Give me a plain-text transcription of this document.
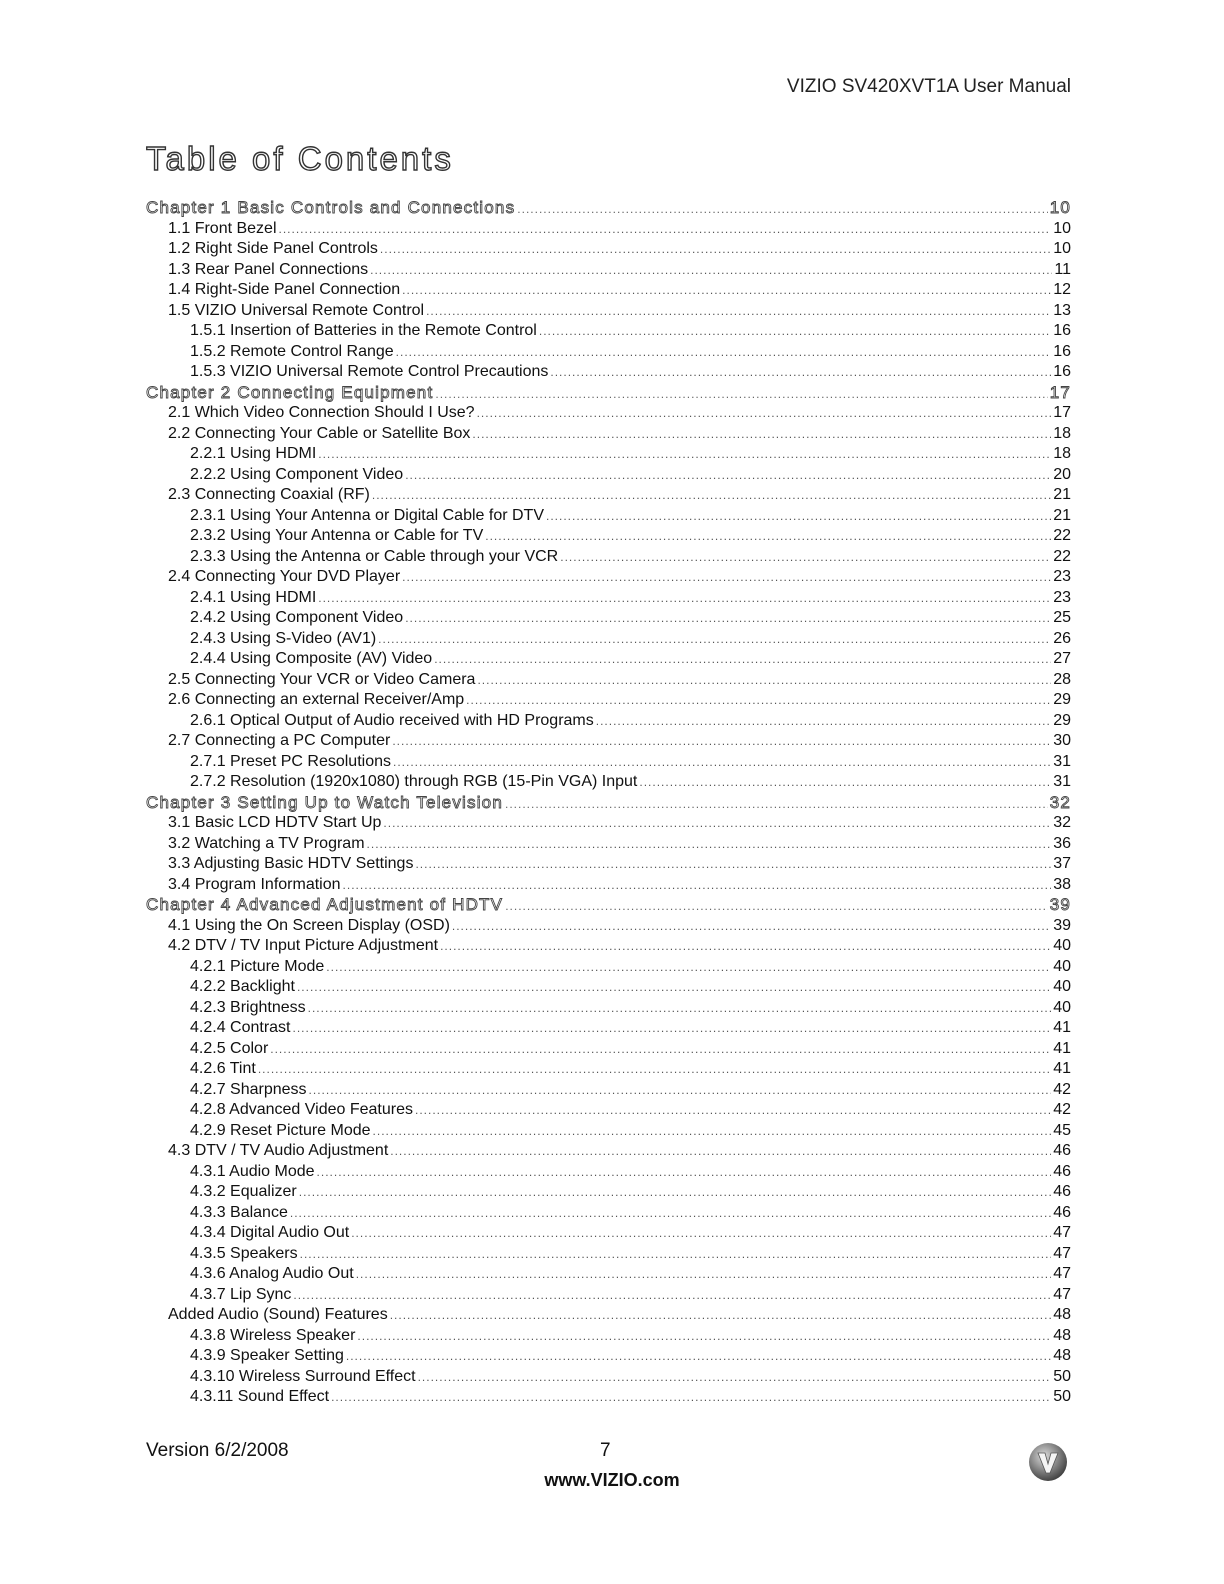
VIZIO SV420XVT1A User Manual
Table of Contents
Chapter 1 Basic Controls and Connections .....	10
1.1 Front Bezel .....	10
1.2 Right Side Panel Controls .....	10
1.3 Rear Panel Connections .....	11
1.4 Right-Side Panel Connection .....	12
1.5 VIZIO Universal Remote Control .....	13
1.5.1 Insertion of Batteries in the Remote Control .....	16
1.5.2 Remote Control Range .....	16
1.5.3 VIZIO Universal Remote Control Precautions .....	16
Chapter 2 Connecting Equipment .....	17
2.1 Which Video Connection Should I Use? .....	17
2.2 Connecting Your Cable or Satellite Box .....	18
2.2.1 Using HDMI .....	18
2.2.2 Using Component Video .....	20
2.3 Connecting Coaxial (RF) .....	21
2.3.1 Using Your Antenna or Digital Cable for DTV .....	21
2.3.2 Using Your Antenna or Cable for TV .....	22
2.3.3 Using the Antenna or Cable through your VCR .....	22
2.4 Connecting Your DVD Player .....	23
2.4.1 Using HDMI .....	23
2.4.2 Using Component Video .....	25
2.4.3 Using S-Video (AV1) .....	26
2.4.4 Using Composite (AV) Video .....	27
2.5 Connecting Your VCR or Video Camera .....	28
2.6 Connecting an external Receiver/Amp .....	29
2.6.1 Optical Output of Audio received with HD Programs .....	29
2.7 Connecting a PC Computer .....	30
2.7.1 Preset PC Resolutions .....	31
2.7.2 Resolution (1920x1080) through RGB (15-Pin VGA) Input .....	31
Chapter 3 Setting Up to Watch Television .....	32
3.1 Basic LCD HDTV Start Up .....	32
3.2 Watching a TV Program .....	36
3.3 Adjusting Basic HDTV Settings .....	37
3.4 Program Information .....	38
Chapter 4 Advanced Adjustment of HDTV .....	39
4.1 Using the On Screen Display (OSD) .....	39
4.2 DTV / TV Input Picture Adjustment .....	40
4.2.1 Picture Mode .....	40
4.2.2 Backlight .....	40
4.2.3 Brightness .....	40
4.2.4 Contrast .....	41
4.2.5 Color .....	41
4.2.6 Tint .....	41
4.2.7 Sharpness .....	42
4.2.8 Advanced Video Features .....	42
4.2.9 Reset Picture Mode .....	45
4.3 DTV / TV Audio Adjustment .....	46
4.3.1 Audio Mode .....	46
4.3.2 Equalizer .....	46
4.3.3 Balance .....	46
4.3.4 Digital Audio Out .....	47
4.3.5 Speakers .....	47
4.3.6 Analog Audio Out .....	47
4.3.7 Lip Sync .....	47
Added Audio (Sound) Features .....	48
4.3.8 Wireless Speaker .....	48
4.3.9 Speaker Setting .....	48
4.3.10 Wireless Surround Effect .....	50
4.3.11 Sound Effect .....	50
Version 6/2/2008	7
www.VIZIO.com
